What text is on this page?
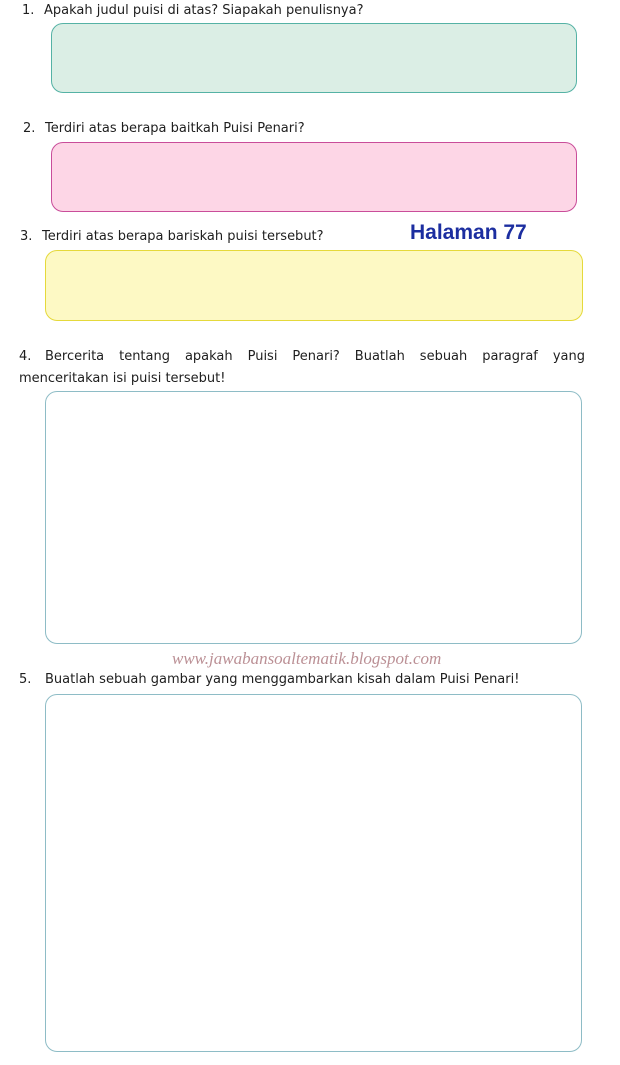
1. Apakah judul puisi di atas? Siapakah penulisnya?
2. Terdiri atas berapa baitkah Puisi Penari?
3. Terdiri atas berapa bariskah puisi tersebut?	Halaman 77
4. Bercerita tentang apakah Puisi Penari? Buatlah sebuah paragraf yang menceritakan isi puisi tersebut!
www.jawabansoaltematik.blogspot.com
5. Buatlah sebuah gambar yang menggambarkan kisah dalam Puisi Penari!
